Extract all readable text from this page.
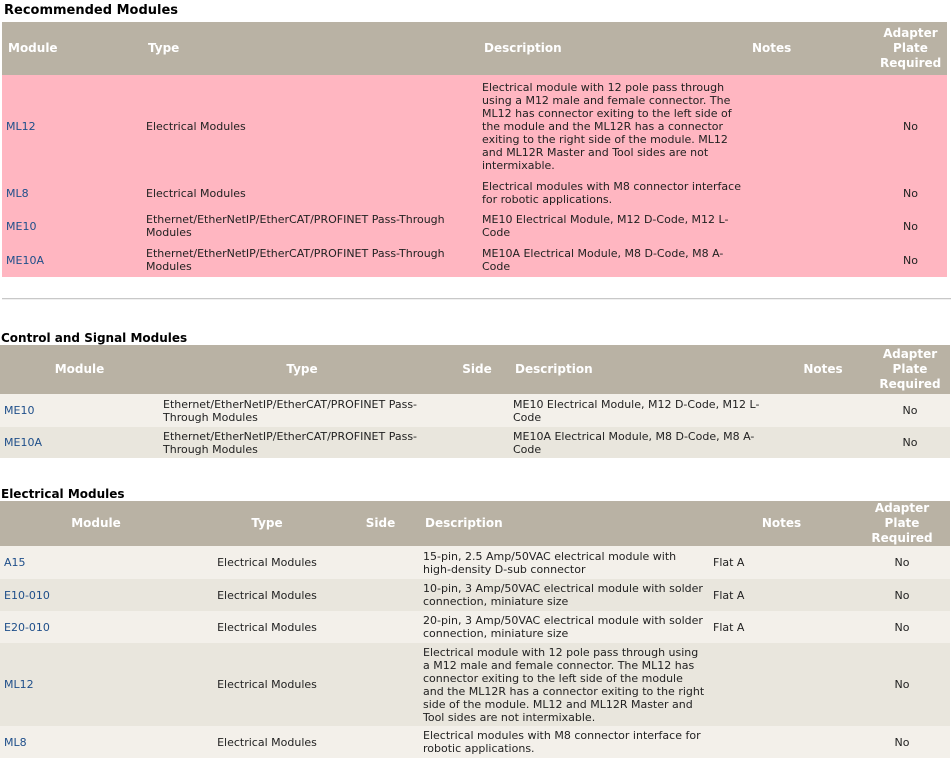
Recommended Modules
Module	Type	Description	Notes	Adapter Plate Required
ML12	Electrical Modules	Electrical module with 12 pole pass through using a M12 male and female connector. The ML12 has connector exiting to the left side of the module and the ML12R has a connector exiting to the right side of the module. ML12 and ML12R Master and Tool sides are not intermixable.		No
ML8	Electrical Modules	Electrical modules with M8 connector interface for robotic applications.		No
ME10	Ethernet/EtherNetIP/EtherCAT/PROFINET Pass-Through Modules	ME10 Electrical Module, M12 D-Code, M12 L-Code		No
ME10A	Ethernet/EtherNetIP/EtherCAT/PROFINET Pass-Through Modules	ME10A Electrical Module, M8 D-Code, M8 A-Code		No
Control and Signal Modules
Module	Type	Side	Description	Notes	Adapter Plate Required
ME10	Ethernet/EtherNetIP/EtherCAT/PROFINET Pass-Through Modules		ME10 Electrical Module, M12 D-Code, M12 L-Code		No
ME10A	Ethernet/EtherNetIP/EtherCAT/PROFINET Pass-Through Modules		ME10A Electrical Module, M8 D-Code, M8 A-Code		No
Electrical Modules
Module	Type	Side	Description	Notes	Adapter Plate Required
A15	Electrical Modules		15-pin, 2.5 Amp/50VAC electrical module with high-density D-sub connector	Flat A	No
E10-010	Electrical Modules		10-pin, 3 Amp/50VAC electrical module with solder connection, miniature size	Flat A	No
E20-010	Electrical Modules		20-pin, 3 Amp/50VAC electrical module with solder connection, miniature size	Flat A	No
ML12	Electrical Modules		Electrical module with 12 pole pass through using a M12 male and female connector. The ML12 has connector exiting to the left side of the module and the ML12R has a connector exiting to the right side of the module. ML12 and ML12R Master and Tool sides are not intermixable.		No
ML8	Electrical Modules		Electrical modules with M8 connector interface for robotic applications.		No
